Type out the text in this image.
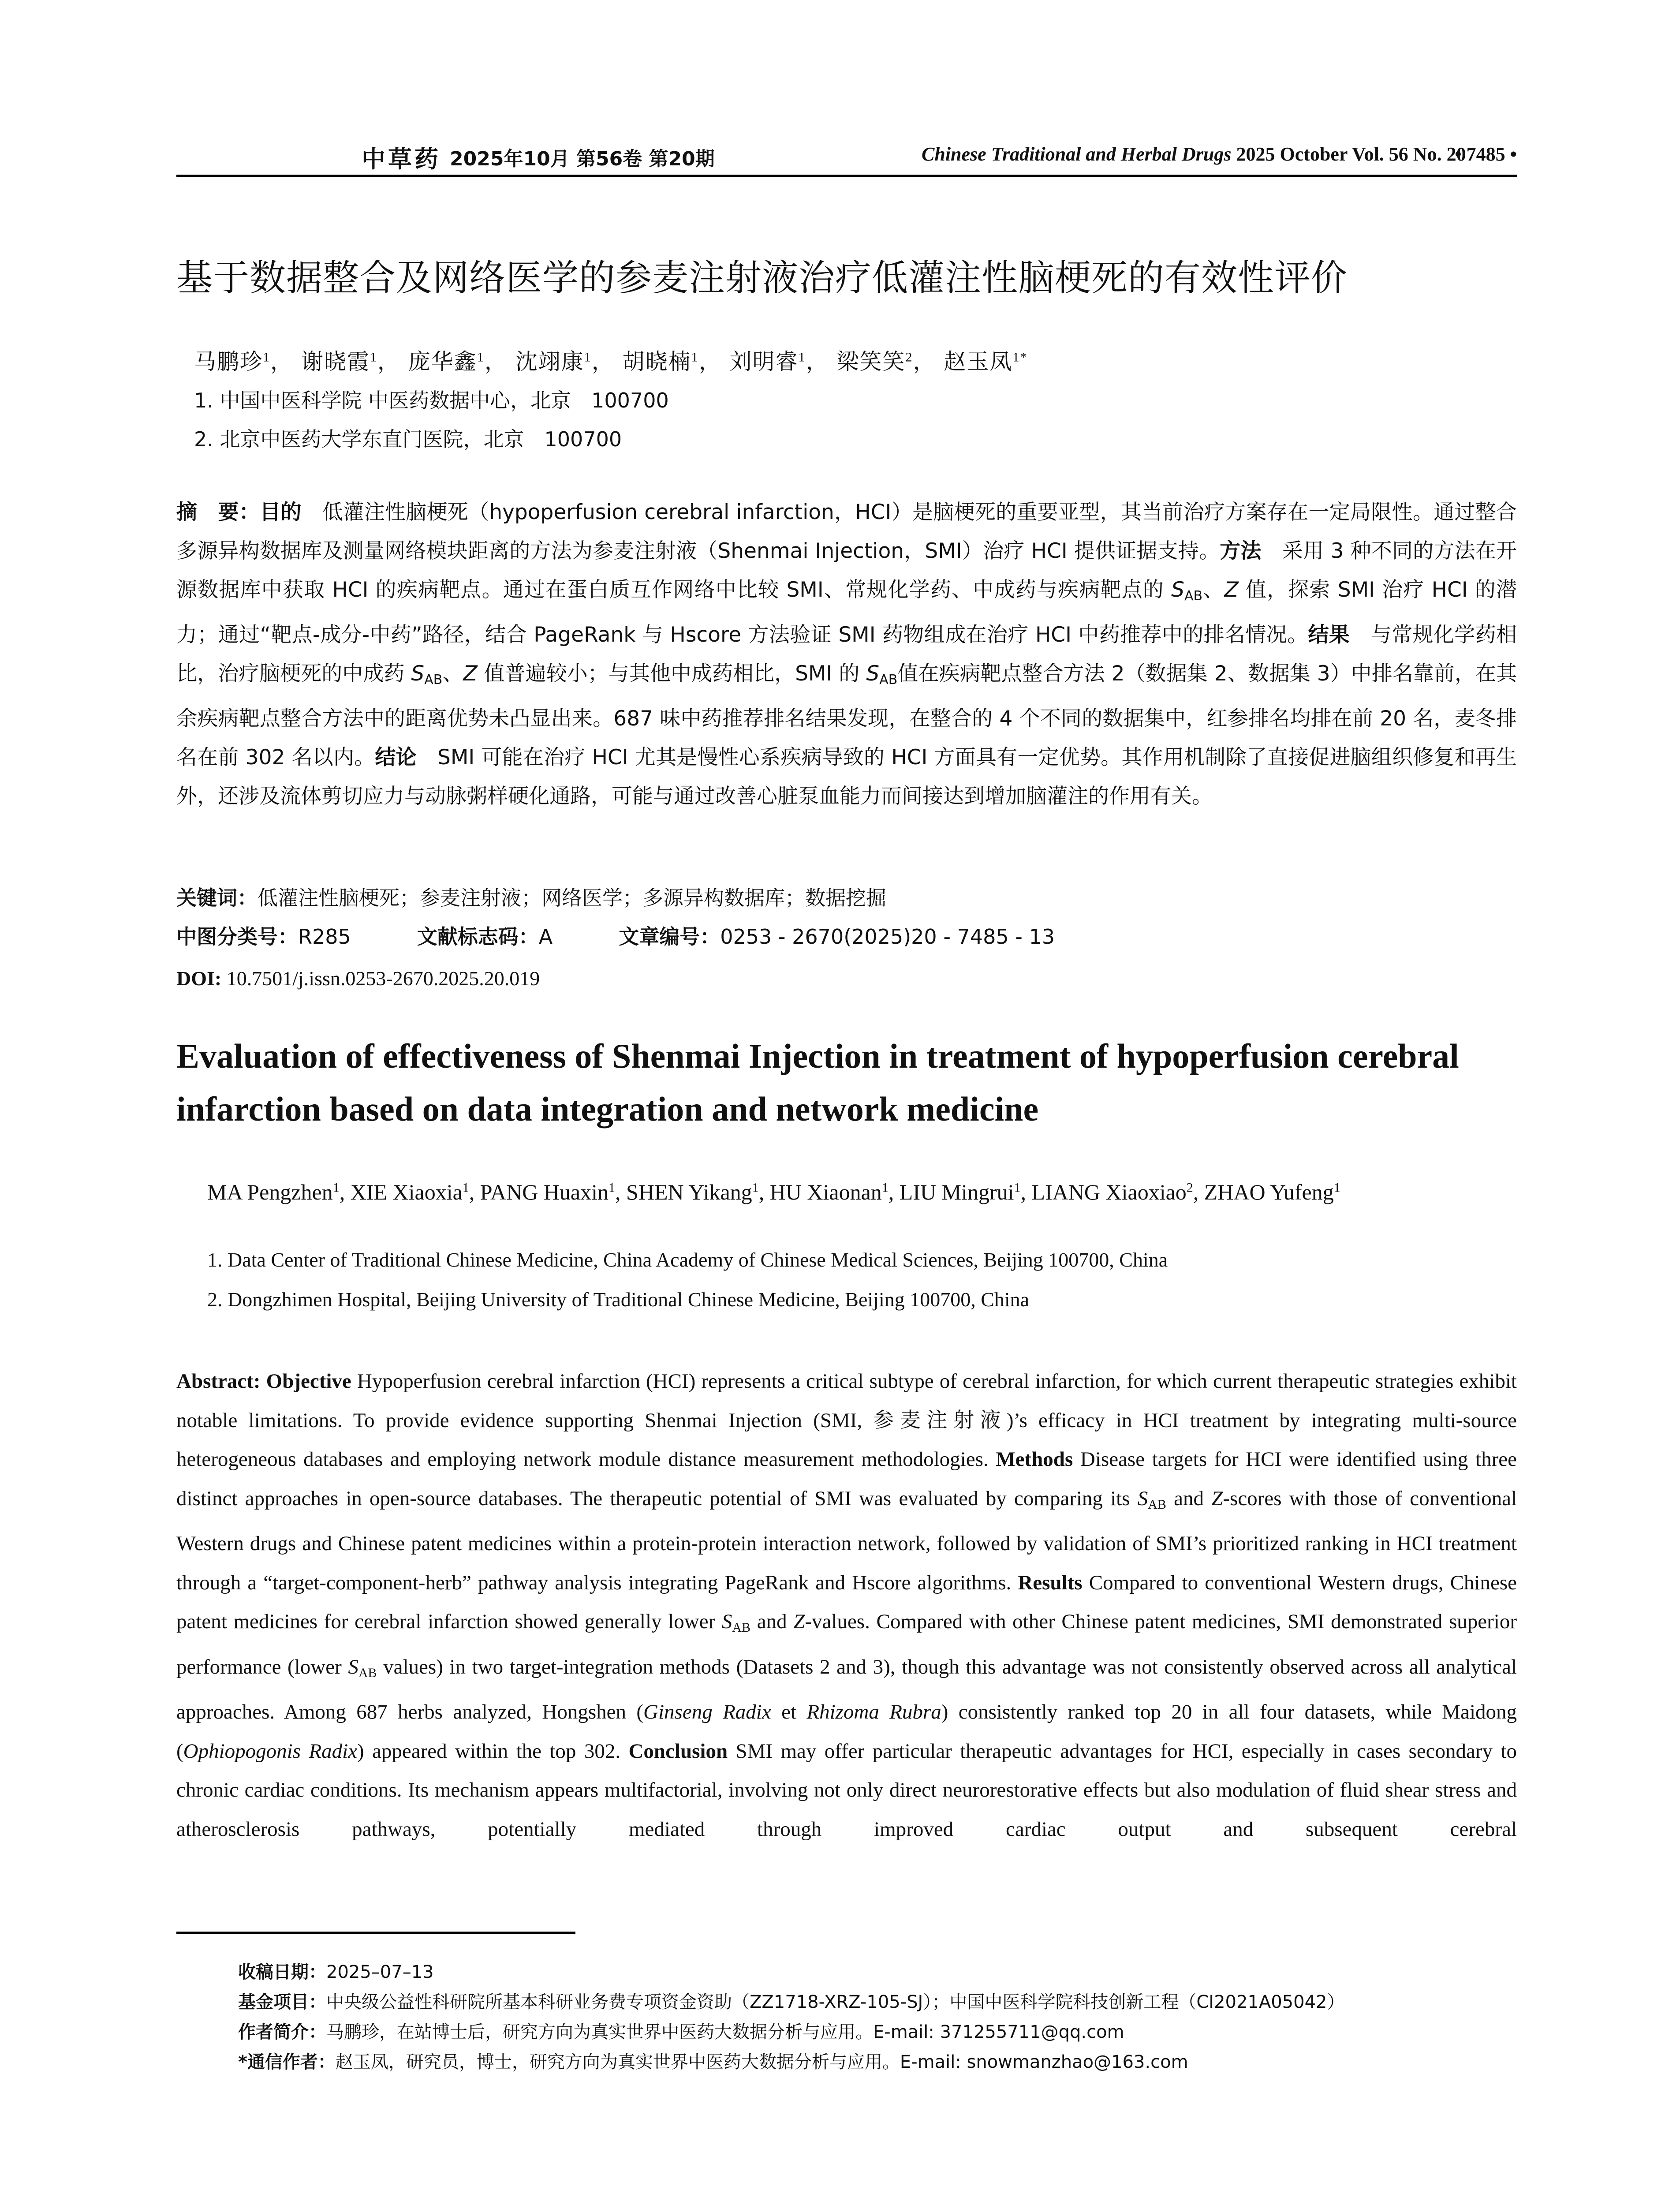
中草药 2025年10月 第56卷 第20期	Chinese Traditional and Herbal Drugs 2025 October Vol. 56 No. 20
• 7485 •
基于数据整合及网络医学的参麦注射液治疗低灌注性脑梗死的有效性评价
马鹏珍$^1$， 谢晓霞$^1$， 庞华鑫$^1$， 沈翊康$^1$， 胡晓楠$^1$， 刘明睿$^1$， 梁笑笑$^2$， 赵玉凤$^{1*}$
1. 中国中医科学院 中医药数据中心，北京　100700
2. 北京中医药大学东直门医院，北京　100700
摘　要：目的　低灌注性脑梗死（hypoperfusion cerebral infarction，HCI）是脑梗死的重要亚型，其当前治疗方案存在一定局限性。通过整合多源异构数据库及测量网络模块距离的方法为参麦注射液（Shenmai Injection，SMI）治疗 HCI 提供证据支持。方法　采用 3 种不同的方法在开源数据库中获取 HCI 的疾病靶点。通过在蛋白质互作网络中比较 SMI、常规化学药、中成药与疾病靶点的 $S_{AB}$、Z 值，探索 SMI 治疗 HCI 的潜力；通过“靶点-成分-中药”路径，结合 PageRank 与 Hscore 方法验证 SMI 药物组成在治疗 HCI 中药推荐中的排名情况。结果　与常规化学药相比，治疗脑梗死的中成药 $S_{AB}$、Z 值普遍较小；与其他中成药相比，SMI 的 $S_{AB}$值在疾病靶点整合方法 2（数据集 2、数据集 3）中排名靠前，在其余疾病靶点整合方法中的距离优势未凸显出来。687 味中药推荐排名结果发现，在整合的 4 个不同的数据集中，红参排名均排在前 20 名，麦冬排名在前 302 名以内。结论　SMI 可能在治疗 HCI 尤其是慢性心系疾病导致的 HCI 方面具有一定优势。其作用机制除了直接促进脑组织修复和再生外，还涉及流体剪切应力与动脉粥样硬化通路，可能与通过改善心脏泵血能力而间接达到增加脑灌注的作用有关。
关键词：低灌注性脑梗死；参麦注射液；网络医学；多源异构数据库；数据挖掘
中图分类号：R285	文献标志码：A	文章编号：0253 - 2670(2025)20 - 7485 - 13
DOI: 10.7501/j.issn.0253-2670.2025.20.019
Evaluation of effectiveness of Shenmai Injection in treatment of hypoperfusion cerebral infarction based on data integration and network medicine
MA Pengzhen$^1$, XIE Xiaoxia$^1$, PANG Huaxin$^1$, SHEN Yikang$^1$, HU Xiaonan$^1$, LIU Mingrui$^1$, LIANG Xiaoxiao$^2$, ZHAO Yufeng$^1$
1. Data Center of Traditional Chinese Medicine, China Academy of Chinese Medical Sciences, Beijing 100700, China
2. Dongzhimen Hospital, Beijing University of Traditional Chinese Medicine, Beijing 100700, China
Abstract: Objective Hypoperfusion cerebral infarction (HCI) represents a critical subtype of cerebral infarction, for which current therapeutic strategies exhibit notable limitations. To provide evidence supporting Shenmai Injection (SMI, 参麦注射液)’s efficacy in HCI treatment by integrating multi-source heterogeneous databases and employing network module distance measurement methodologies. Methods Disease targets for HCI were identified using three distinct approaches in open-source databases. The therapeutic potential of SMI was evaluated by comparing its $S_{AB}$ and Z-scores with those of conventional Western drugs and Chinese patent medicines within a protein-protein interaction network, followed by validation of SMI’s prioritized ranking in HCI treatment through a “target-component-herb” pathway analysis integrating PageRank and Hscore algorithms. Results Compared to conventional Western drugs, Chinese patent medicines for cerebral infarction showed generally lower $S_{AB}$ and Z-values. Compared with other Chinese patent medicines, SMI demonstrated superior performance (lower $S_{AB}$ values) in two target-integration methods (Datasets 2 and 3), though this advantage was not consistently observed across all analytical approaches. Among 687 herbs analyzed, Hongshen (Ginseng Radix et Rhizoma Rubra) consistently ranked top 20 in all four datasets, while Maidong (Ophiopogonis Radix) appeared within the top 302. Conclusion SMI may offer particular therapeutic advantages for HCI, especially in cases secondary to chronic cardiac conditions. Its mechanism appears multifactorial, involving not only direct neurorestorative effects but also modulation of fluid shear stress and atherosclerosis pathways, potentially mediated through improved cardiac output and subsequent cerebral
收稿日期：2025–07–13
基金项目：中央级公益性科研院所基本科研业务费专项资金资助（ZZ1718-XRZ-105-SJ）；中国中医科学院科技创新工程（CI2021A05042）
作者简介：马鹏珍，在站博士后，研究方向为真实世界中医药大数据分析与应用。E-mail: 371255711@qq.com
*通信作者：赵玉凤，研究员，博士，研究方向为真实世界中医药大数据分析与应用。E-mail: snowmanzhao@163.com
